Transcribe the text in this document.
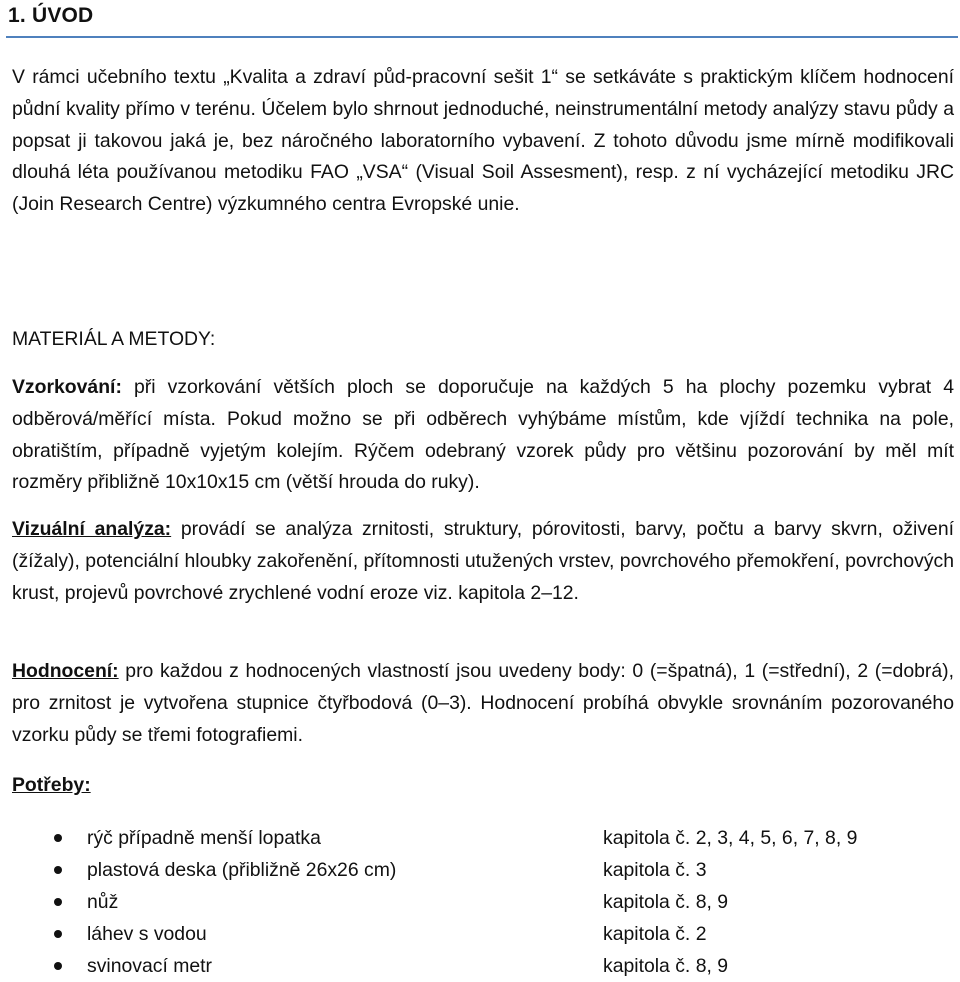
1. ÚVOD

V rámci učebního textu „Kvalita a zdraví půd-pracovní sešit 1“ se setkáváte s praktickým klíčem hodnocení půdní kvality přímo v terénu. Účelem bylo shrnout jednoduché, neinstrumentální metody analýzy stavu půdy a popsat ji takovou jaká je, bez náročného laboratorního vybavení. Z tohoto důvodu jsme mírně modifikovali dlouhá léta používanou metodiku FAO „VSA“ (Visual Soil Assesment), resp. z ní vycházející metodiku JRC (Join Research Centre) výzkumného centra Evropské unie.

MATERIÁL A METODY:

Vzorkování: při vzorkování větších ploch se doporučuje na každých 5 ha plochy pozemku vybrat 4 odběrová/měřící místa. Pokud možno se při odběrech vyhýbáme místům, kde vjíždí technika na pole, obratištím, případně vyjetým kolejím. Rýčem odebraný vzorek půdy pro většinu pozorování by měl mít rozměry přibližně 10x10x15 cm (větší hrouda do ruky).

Vizuální analýza: provádí se analýza zrnitosti, struktury, pórovitosti, barvy, počtu a barvy skvrn, oživení (žížaly), potenciální hloubky zakořenění, přítomnosti utužených vrstev, povrchového přemokření, povrchových krust, projevů povrchové zrychlené vodní eroze viz. kapitola 2–12.

Hodnocení: pro každou z hodnocených vlastností jsou uvedeny body: 0 (=špatná), 1 (=střední), 2 (=dobrá), pro zrnitost je vytvořena stupnice čtyřbodová (0–3). Hodnocení probíhá obvykle srovnáním pozorovaného vzorku půdy se třemi fotografiemi.

Potřeby:
rýč případně menší lopatka	kapitola č. 2, 3, 4, 5, 6, 7, 8, 9
plastová deska (přibližně 26x26 cm)	kapitola č. 3
nůž	kapitola č. 8, 9
láhev s vodou	kapitola č. 2
svinovací metr	kapitola č. 8, 9
